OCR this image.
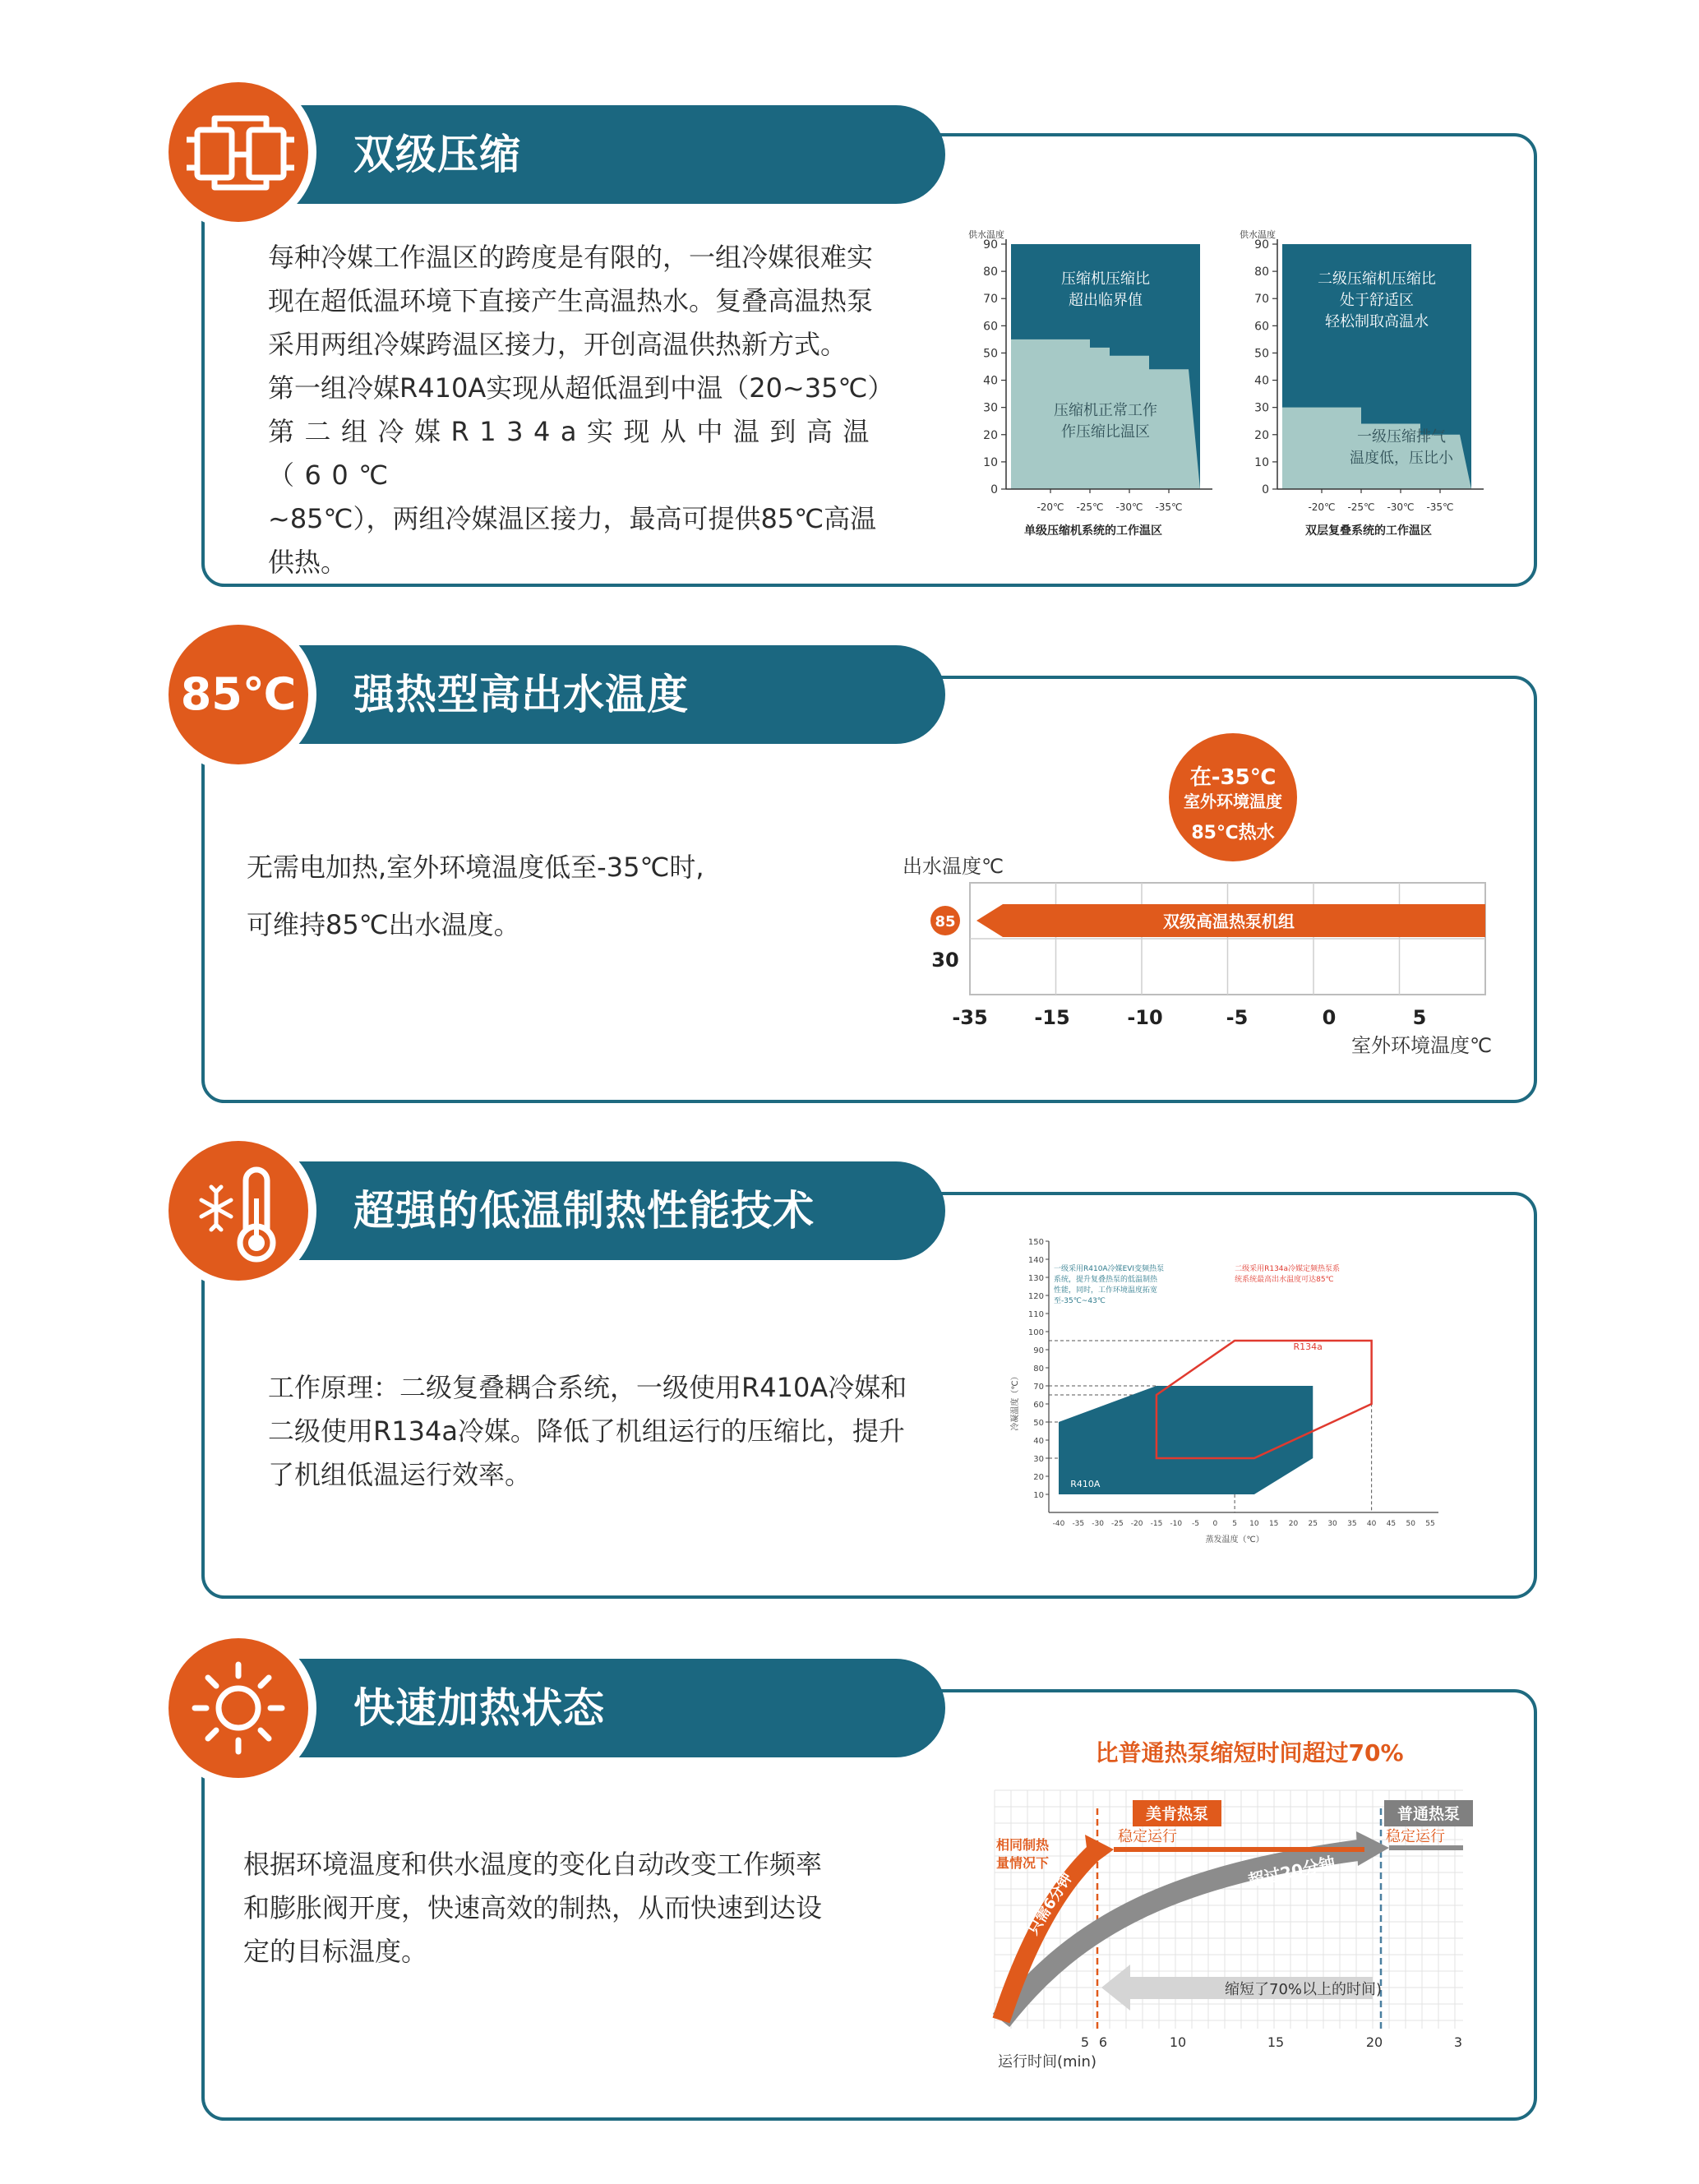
双级压缩

每种冷媒工作温区的跨度是有限的，一组冷媒很难实

现在超低温环境下直接产生高温热水。复叠高温热泵

采用两组冷媒跨温区接力，开创高温供热新方式。

第一组冷媒R410A实现从超低温到中温（20~35℃）

第二组冷媒R134a实现从中温到高温（60℃

~85℃），两组冷媒温区接力，最高可提供85℃高温

供热。

供水温度
0
10
20
30
40
50
60
70
80
90
-20℃ -25℃ -30℃ -35℃
压缩机压缩比
超出临界值
压缩机正常工作
作压缩比温区
单级压缩机系统的工作温区
供水温度
0
10
20
30
40
50
60
70
80
90
-20℃ -25℃ -30℃ -35℃
二级压缩机压缩比
处于舒适区
轻松制取高温水
一级压缩排气
温度低，压比小
双层复叠系统的工作温区
强热型高出水温度
85℃

无需电加热,室外环境温度低至-35℃时,

可维持85℃出水温度。

在-35℃
室外环境温度
85℃热水
出水温度℃
双级高温热泵机组
85
30
-35 -15	-10	-5	0	5
室外环境温度℃
超强的低温制热性能技术

工作原理：二级复叠耦合系统，一级使用R410A冷媒和

二级使用R134a冷媒。降低了机组运行的压缩比，提升

了机组低温运行效率。

10
20
30
40
50
60
70
80
90
100
110
120
130
140
150
-40 -35 -30 -25 -20 -15 -10 -5 0 5 10 15 20 25 30 35 40 45 50 55
蒸发温度（℃）
冷凝温度（℃）
R410A
R134a
一级采用R410A冷媒EVI变频热泵
系统，提升复叠热泵的低温制热
性能，同时，工作环境温度拓宽
至-35℃~43℃
二级采用R134a冷媒定频热泵系
统系统最高出水温度可达85℃
快速加热状态

根据环境温度和供水温度的变化自动改变工作频率

和膨胀阀开度，快速高效的制热，从而快速到达设

定的目标温度。

比普通热泵缩短时间超过70%
缩短了70%以上的时间)
美肯热泵	普通热泵
稳定运行	稳定运行
相同制热
量情况下
只需6分钟	超过20分钟
5 6	10	15	20	3
运行时间(min)
